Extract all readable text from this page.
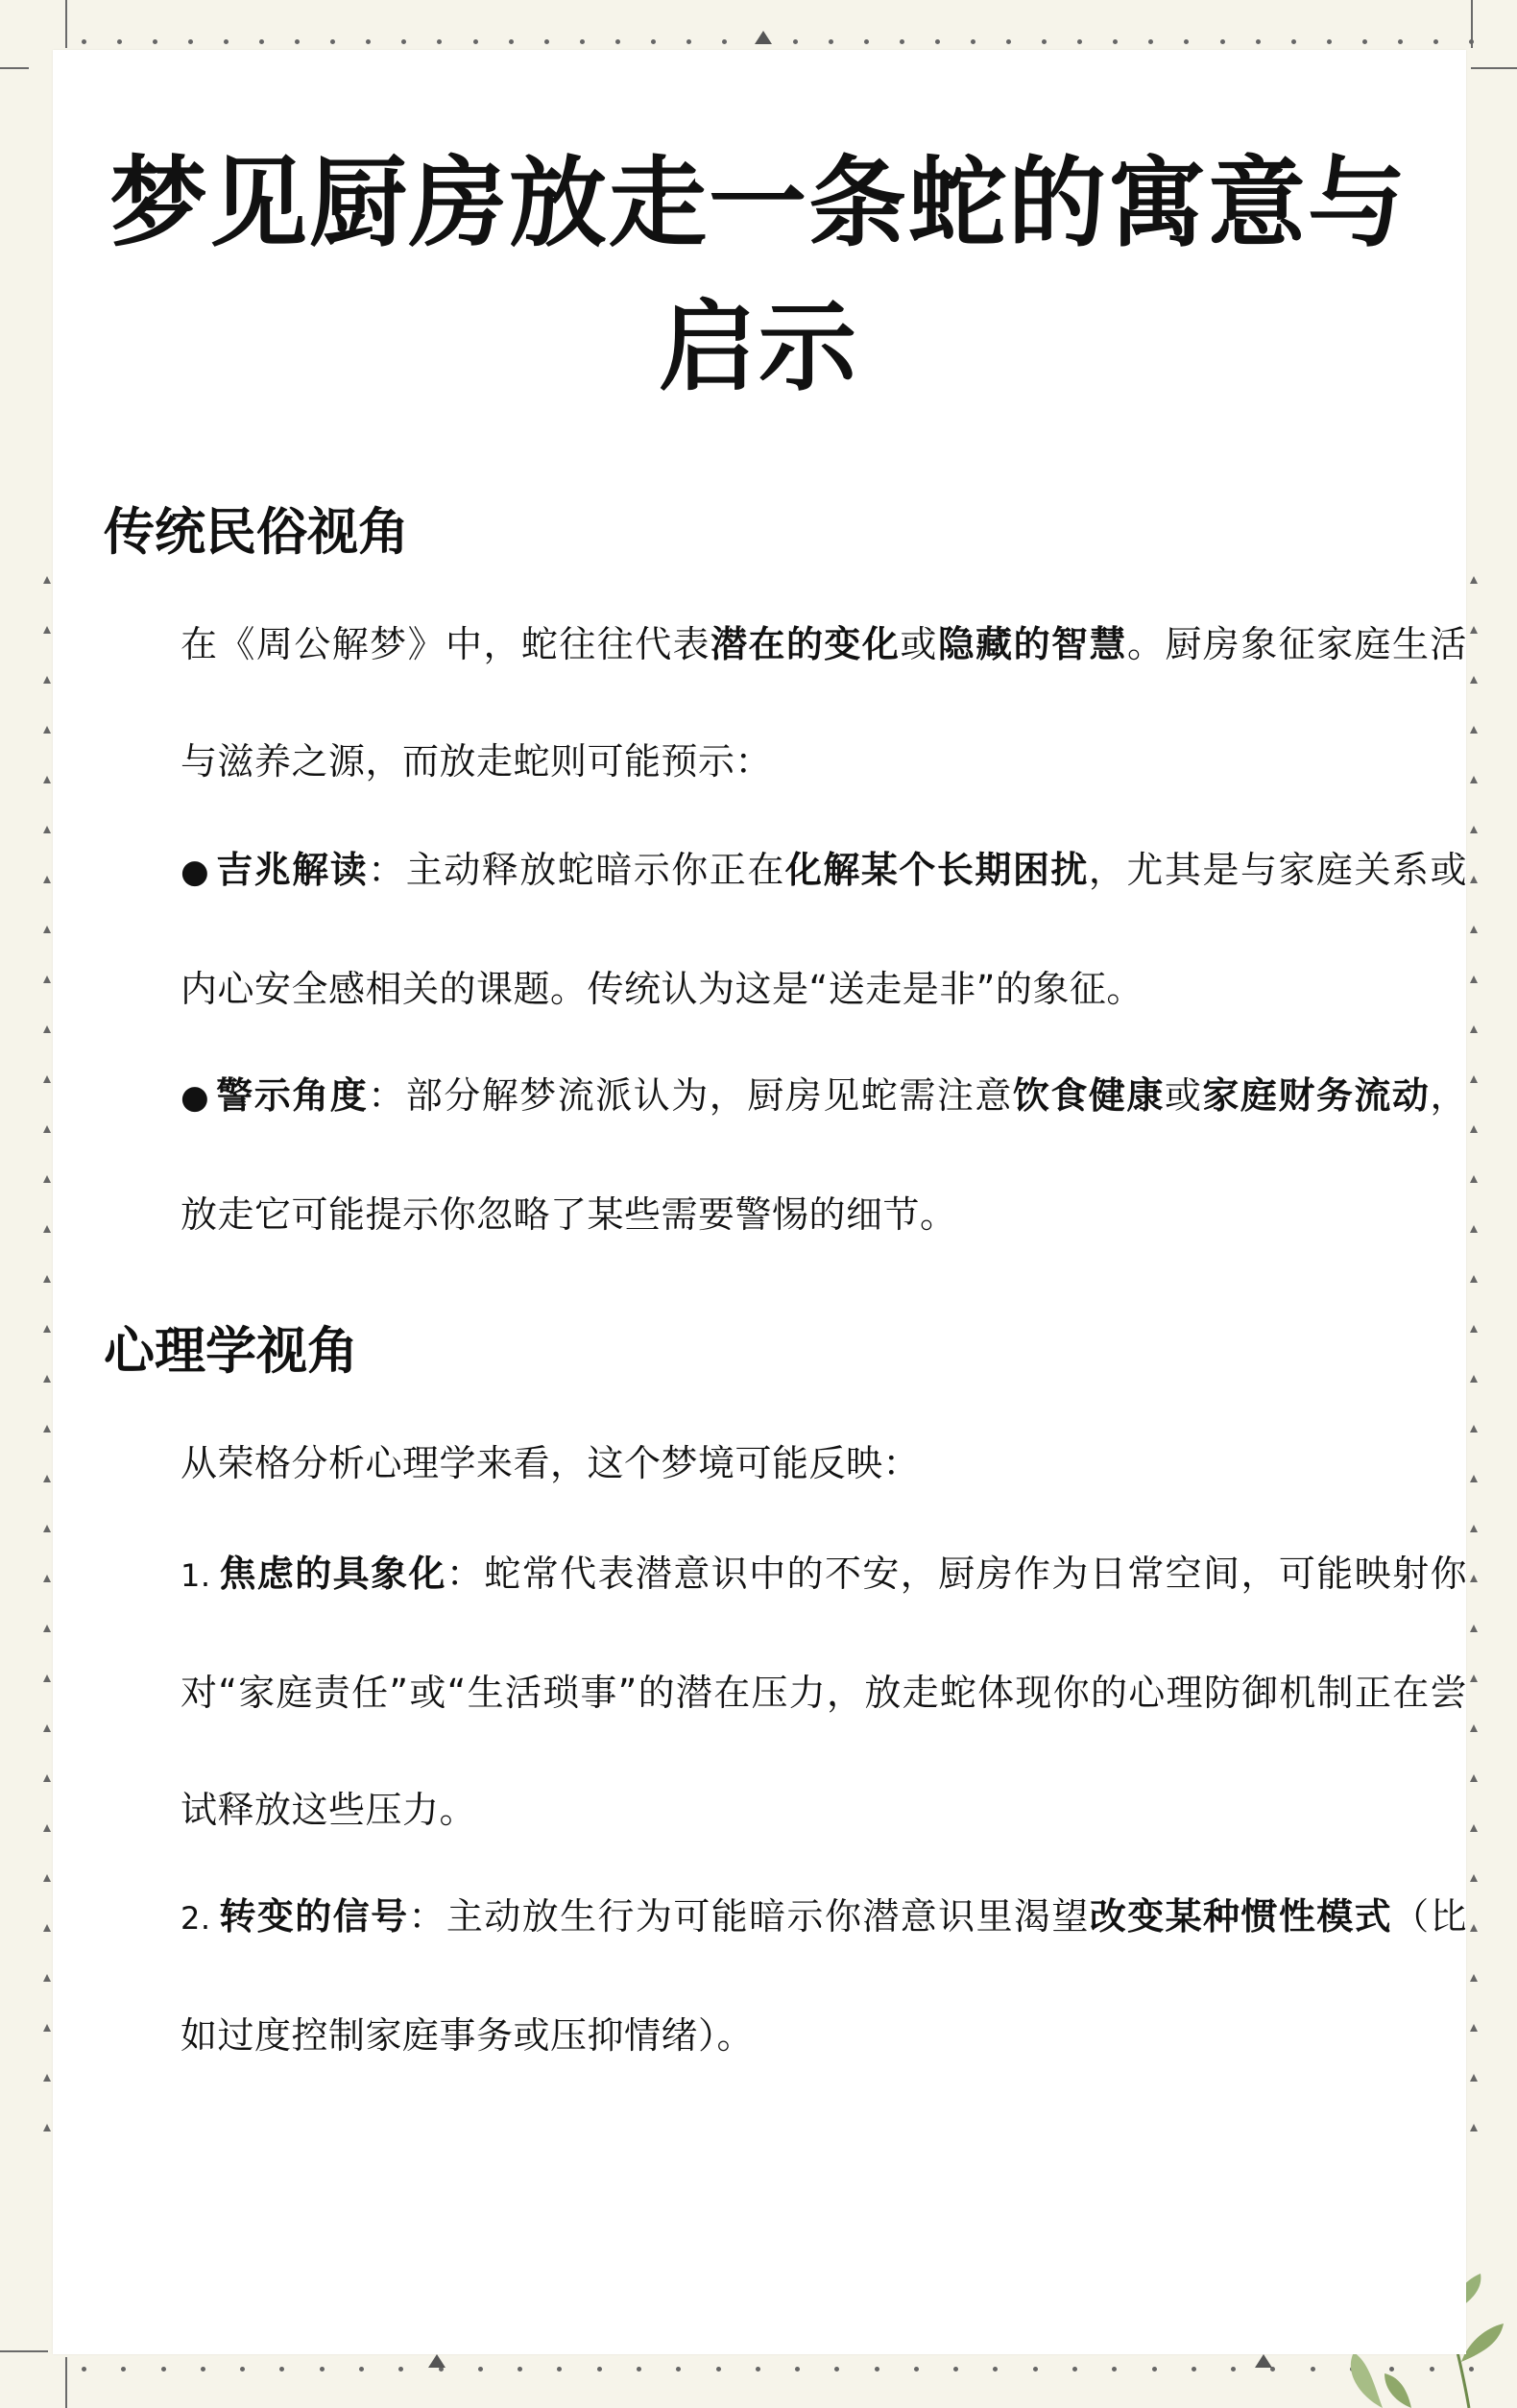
梦见厨房放走一条蛇的寓意与
启示
传统民俗视角
在《周公解梦》中，蛇往往代表潜在的变化或隐藏的智慧。厨房象征家庭生活与滋养之源，而放走蛇则可能预示：
● 吉兆解读：主动释放蛇暗示你正在化解某个长期困扰，尤其是与家庭关系或内心安全感相关的课题。传统认为这是“送走是非”的象征。
● 警示角度：部分解梦流派认为，厨房见蛇需注意饮食健康或家庭财务流动，放走它可能提示你忽略了某些需要警惕的细节。
心理学视角
从荣格分析心理学来看，这个梦境可能反映：
1. 焦虑的具象化：蛇常代表潜意识中的不安，厨房作为日常空间，可能映射你对“家庭责任”或“生活琐事”的潜在压力，放走蛇体现你的心理防御机制正在尝试释放这些压力。
2. 转变的信号：主动放生行为可能暗示你潜意识里渴望改变某种惯性模式（比如过度控制家庭事务或压抑情绪）。
